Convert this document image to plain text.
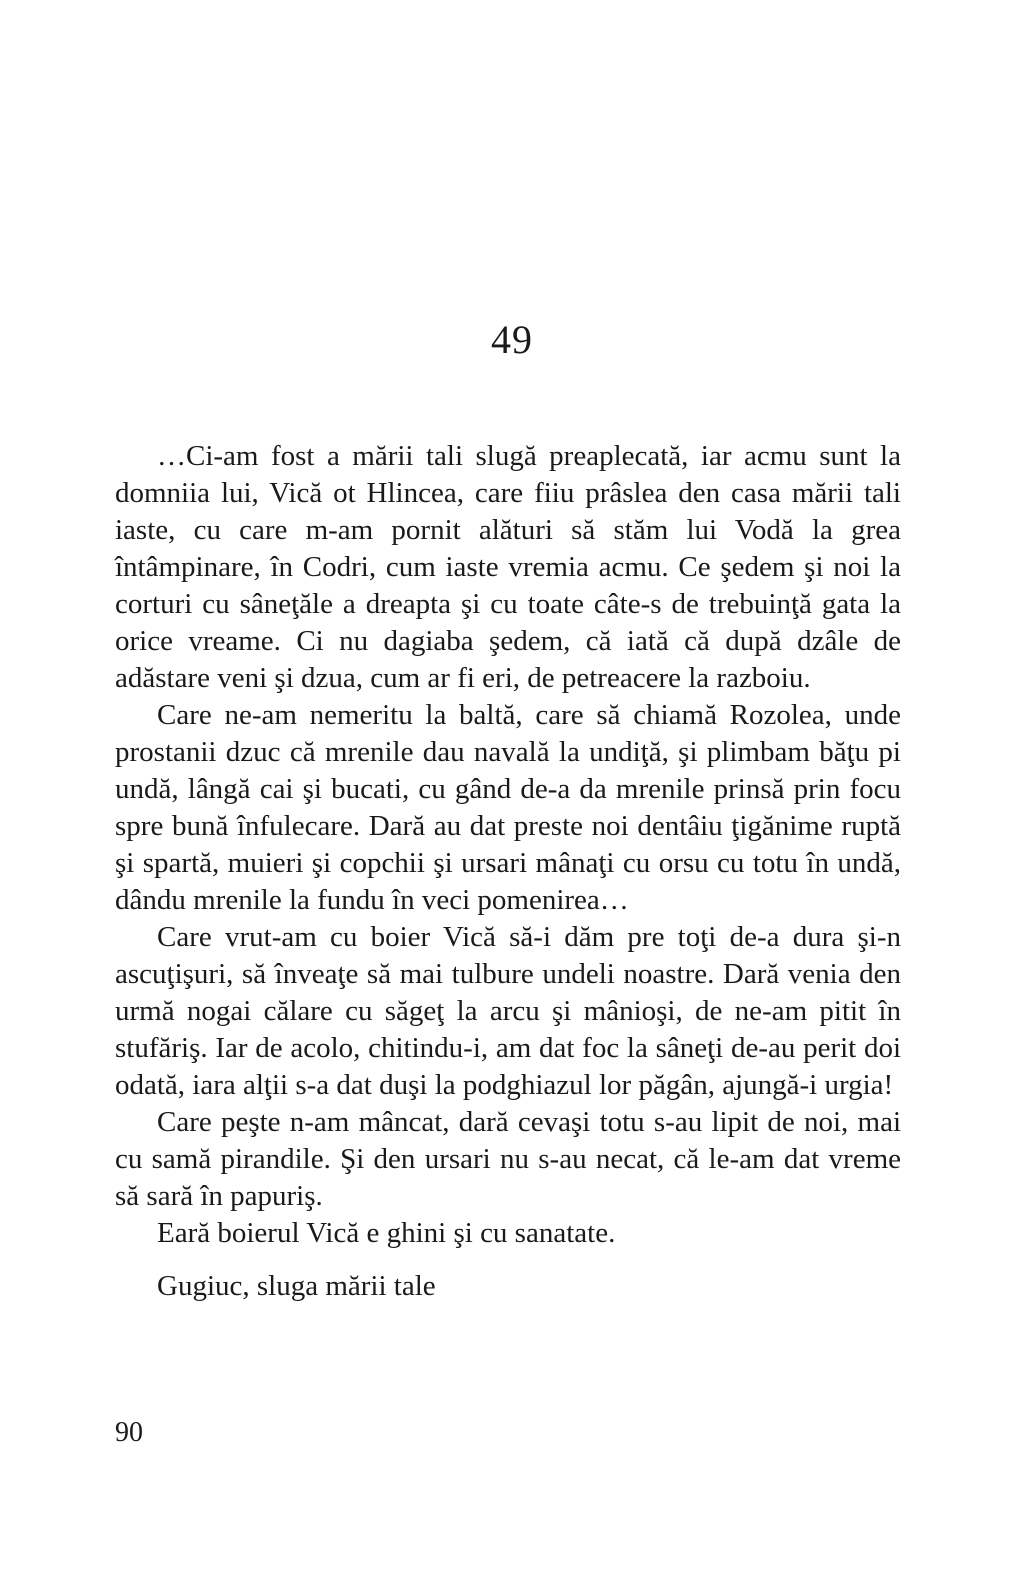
49

…Ci-am fost a mării tali slugă preaplecată, iar acmu sunt la domniia lui, Vică ot Hlincea, care fiiu prâslea den casa mării tali iaste, cu care m-am pornit alături să stăm lui Vodă la grea întâmpinare, în Codri, cum iaste vremia acmu. Ce şedem şi noi la corturi cu sâneţăle a dreapta şi cu toate câte-s de trebuinţă gata la orice vreame. Ci nu dagiaba şedem, că iată că după dzâle de adăstare veni şi dzua, cum ar fi eri, de petreacere la razboiu.

Care ne-am nemeritu la baltă, care să chiamă Rozolea, unde prostanii dzuc că mrenile dau navală la undiţă, şi plimbam băţu pi undă, lângă cai şi bucati, cu gând de-a da mrenile prinsă prin focu spre bună înfulecare. Dară au dat preste noi dentâiu ţigănime ruptă şi spartă, muieri şi copchii şi ursari mânaţi cu orsu cu totu în undă, dându mrenile la fundu în veci pomenirea…

Care vrut-am cu boier Vică să-i dăm pre toţi de-a dura şi-n ascuţişuri, să înveaţe să mai tulbure undeli noastre. Dară venia den urmă nogai călare cu săgeţ la arcu şi mânioşi, de ne-am pitit în stufăriş. Iar de acolo, chitindu-i, am dat foc la sâneţi de-au perit doi odată, iara alţii s-a dat duşi la podghiazul lor păgân, ajungă-i urgia!

Care peşte n-am mâncat, dară cevaşi totu s-au lipit de noi, mai cu samă pirandile. Şi den ursari nu s-au necat, că le-am dat vreme să sară în papuriş.

Eară boierul Vică e ghini şi cu sanatate.

Gugiuc, sluga mării tale

90
